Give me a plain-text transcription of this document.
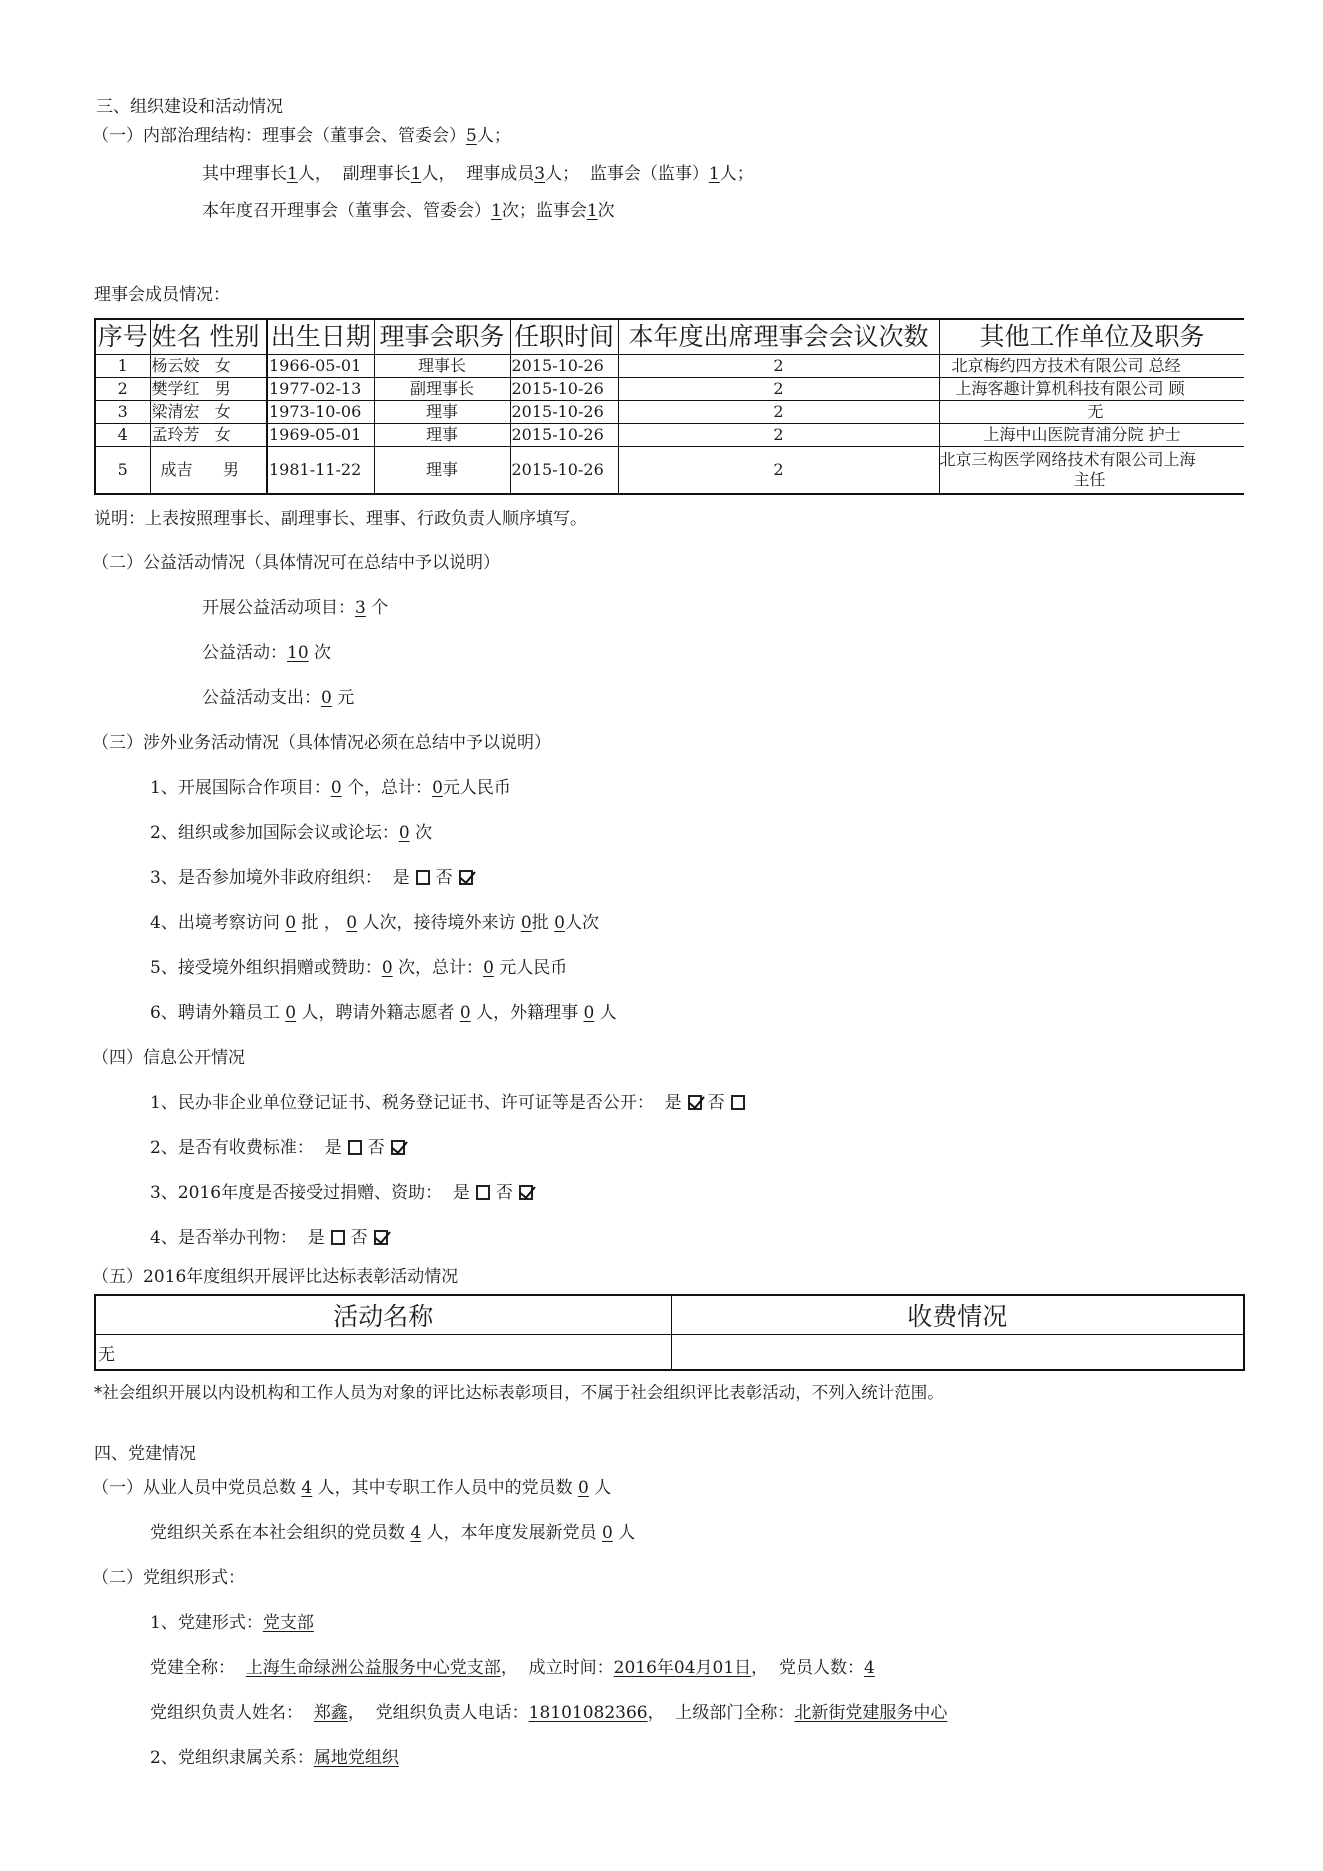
三、组织建设和活动情况
（一）内部治理结构：理事会（董事会、管委会）5人；
其中理事长1人， 副理事长1人， 理事成员3人； 监事会（监事）1人；
本年度召开理事会（董事会、管委会）1次；监事会1次
理事会成员情况：
序号	姓名 性别	出生日期	理事会职务	任职时间	本年度出席理事会会议次数	其他工作单位及职务
1	杨云姣 女	1966-05-01	理事长	2015-10-26	2	北京梅约四方技术有限公司 总经
2	樊学红 男	1977-02-13	副理事长	2015-10-26	2	上海客趣计算机科技有限公司 顾
3	梁清宏 女	1973-10-06	理事	2015-10-26	2	无
4	孟玲芳 女	1969-05-01	理事	2015-10-26	2	上海中山医院青浦分院 护士
5	成吉 男	1981-11-22	理事	2015-10-26	2	北京三构医学网络技术有限公司上海
主任
说明：上表按照理事长、副理事长、理事、行政负责人顺序填写。
（二）公益活动情况（具体情况可在总结中予以说明）
开展公益活动项目：3 个
公益活动：10 次
公益活动支出：0 元
（三）涉外业务活动情况（具体情况必须在总结中予以说明）
1、开展国际合作项目：0 个，总计：0元人民币
2、组织或参加国际会议或论坛：0 次
3、是否参加境外非政府组织： 是 否
4、出境考察访问 0 批 ， 0 人次，接待境外来访 0批 0人次
5、接受境外组织捐赠或赞助：0 次，总计：0 元人民币
6、聘请外籍员工 0 人，聘请外籍志愿者 0 人，外籍理事 0 人
（四）信息公开情况
1、民办非企业单位登记证书、税务登记证书、许可证等是否公开： 是 否
2、是否有收费标准： 是 否
3、2016年度是否接受过捐赠、资助： 是 否
4、是否举办刊物： 是 否
（五）2016年度组织开展评比达标表彰活动情况
活动名称	收费情况
无	
*社会组织开展以内设机构和工作人员为对象的评比达标表彰项目，不属于社会组织评比表彰活动，不列入统计范围。
四、党建情况
（一）从业人员中党员总数 4 人，其中专职工作人员中的党员数 0 人
党组织关系在本社会组织的党员数 4 人，本年度发展新党员 0 人
（二）党组织形式：
1、党建形式：党支部
党建全称： 上海生命绿洲公益服务中心党支部， 成立时间：2016年04月01日， 党员人数：4
党组织负责人姓名： 郑鑫， 党组织负责人电话：18101082366， 上级部门全称：北新街党建服务中心
2、党组织隶属关系：属地党组织
